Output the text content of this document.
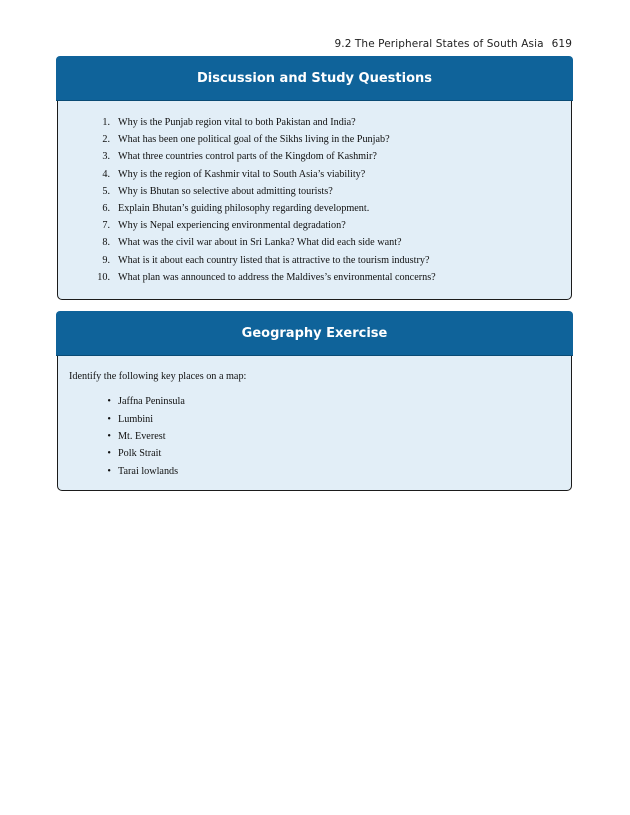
9.2 The Peripheral States of South Asia 619
Discussion and Study Questions
1. Why is the Punjab region vital to both Pakistan and India?
2. What has been one political goal of the Sikhs living in the Punjab?
3. What three countries control parts of the Kingdom of Kashmir?
4. Why is the region of Kashmir vital to South Asia’s viability?
5. Why is Bhutan so selective about admitting tourists?
6. Explain Bhutan’s guiding philosophy regarding development.
7. Why is Nepal experiencing environmental degradation?
8. What was the civil war about in Sri Lanka? What did each side want?
9. What is it about each country listed that is attractive to the tourism industry?
10. What plan was announced to address the Maldives’s environmental concerns?
Geography Exercise

Identify the following key places on a map:

• Jaffna Peninsula
• Lumbini
• Mt. Everest
• Polk Strait
• Tarai lowlands
